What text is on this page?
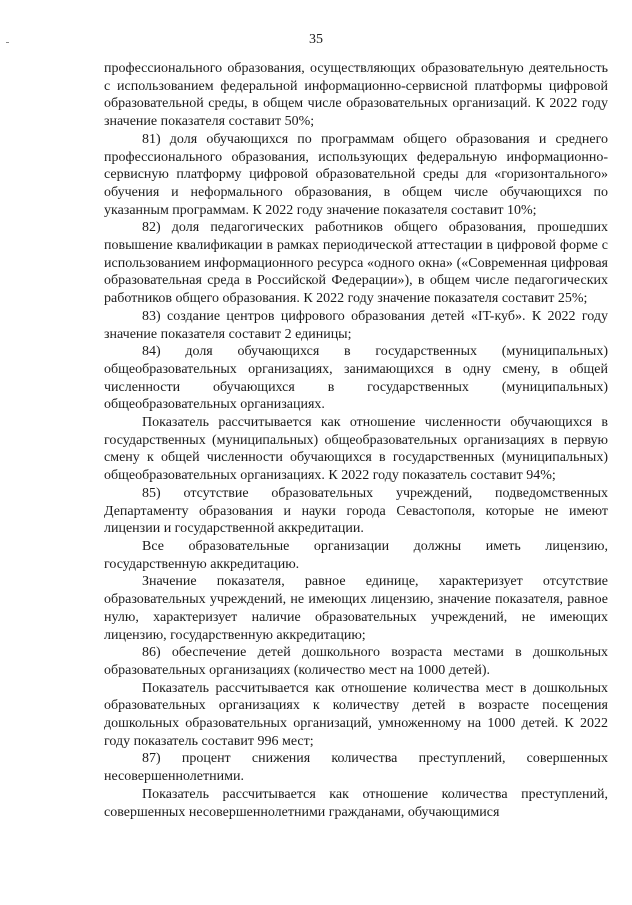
35

профессионального образования, осуществляющих образовательную деятельность с использованием федеральной информационно-сервисной платформы цифровой образовательной среды, в общем числе образовательных организаций. К 2022 году значение показателя составит 50%;

81) доля обучающихся по программам общего образования и среднего профессионального образования, использующих федеральную информационно-сервисную платформу цифровой образовательной среды для «горизонтального» обучения и неформального образования, в общем числе обучающихся по указанным программам. К 2022 году значение показателя составит 10%;

82) доля педагогических работников общего образования, прошедших повышение квалификации в рамках периодической аттестации в цифровой форме с использованием информационного ресурса «одного окна» («Современная цифровая образовательная среда в Российской Федерации»), в общем числе педагогических работников общего образования. К 2022 году значение показателя составит 25%;

83) создание центров цифрового образования детей «IT-куб». К 2022 году значение показателя составит 2 единицы;

84) доля обучающихся в государственных (муниципальных) общеобразовательных организациях, занимающихся в одну смену, в общей численности обучающихся в государственных (муниципальных) общеобразовательных организациях.

Показатель рассчитывается как отношение численности обучающихся в государственных (муниципальных) общеобразовательных организациях в первую смену к общей численности обучающихся в государственных (муниципальных) общеобразовательных организациях. К 2022 году показатель составит 94%;

85) отсутствие образовательных учреждений, подведомственных Департаменту образования и науки города Севастополя, которые не имеют лицензии и государственной аккредитации.

Все образовательные организации должны иметь лицензию, государственную аккредитацию.

Значение показателя, равное единице, характеризует отсутствие образовательных учреждений, не имеющих лицензию, значение показателя, равное нулю, характеризует наличие образовательных учреждений, не имеющих лицензию, государственную аккредитацию;

86) обеспечение детей дошкольного возраста местами в дошкольных образовательных организациях (количество мест на 1000 детей).

Показатель рассчитывается как отношение количества мест в дошкольных образовательных организациях к количеству детей в возрасте посещения дошкольных образовательных организаций, умноженному на 1000 детей. К 2022 году показатель составит 996 мест;

87) процент снижения количества преступлений, совершенных несовершеннолетними.

Показатель рассчитывается как отношение количества преступлений, совершенных несовершеннолетними гражданами, обучающимися
